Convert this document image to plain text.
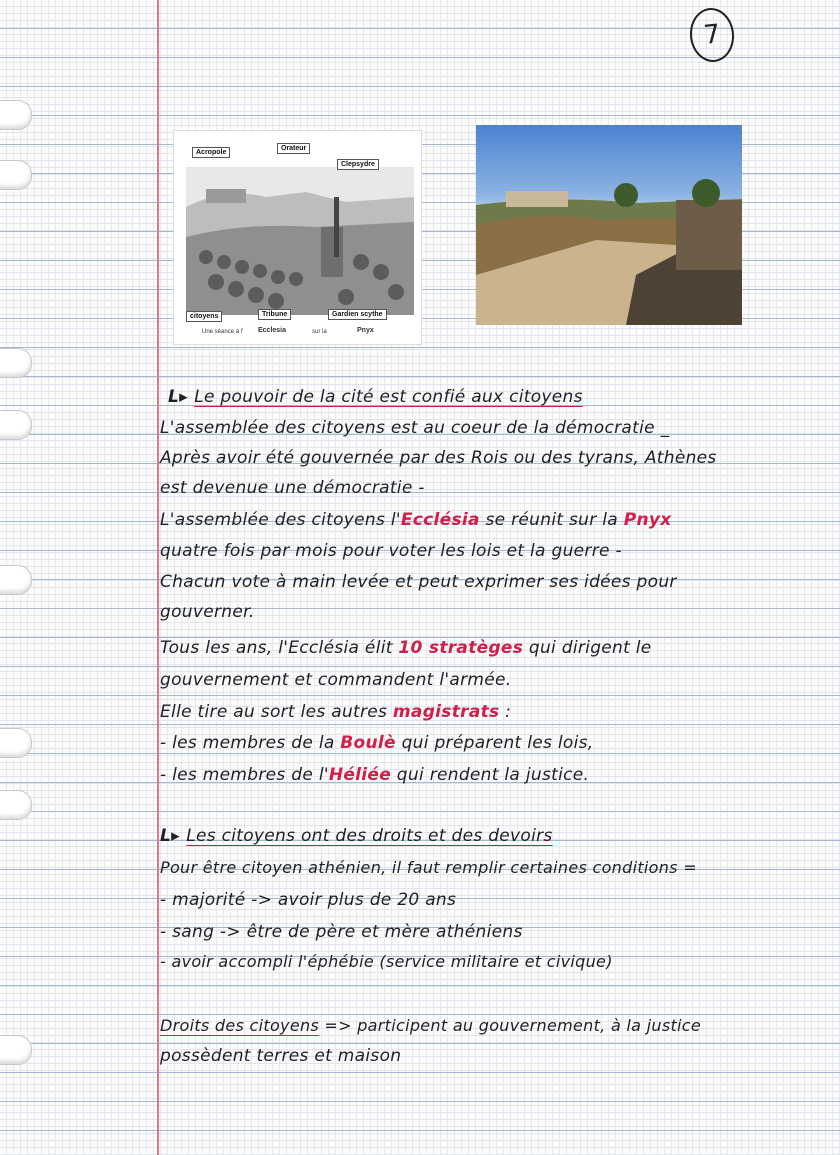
7
Acropole
Orateur
Clepsydre
citoyens	Tribune	Gardien scythe
Une séance à l' Ecclesia	sur la	Pnyx
L▸ Le pouvoir de la cité est confié aux citoyens
L'assemblée des citoyens est au coeur de la démocratie _
Après avoir été gouvernée par des Rois ou des tyrans, Athènes
est devenue une démocratie -
L'assemblée des citoyens l'Ecclésia se réunit sur la Pnyx
quatre fois par mois pour voter les lois et la guerre -
Chacun vote à main levée et peut exprimer ses idées pour
gouverner.
Tous les ans, l'Ecclésia élit 10 stratèges qui dirigent le
gouvernement et commandent l'armée.
Elle tire au sort les autres magistrats :
- les membres de la Boulè qui préparent les lois,
- les membres de l'Héliée qui rendent la justice.
L▸ Les citoyens ont des droits et des devoirs
Pour être citoyen athénien, il faut remplir certaines conditions =
- majorité -> avoir plus de 20 ans
- sang -> être de père et mère athéniens
- avoir accompli l'éphébie (service militaire et civique)
Droits des citoyens => participent au gouvernement, à la justice
possèdent terres et maison
